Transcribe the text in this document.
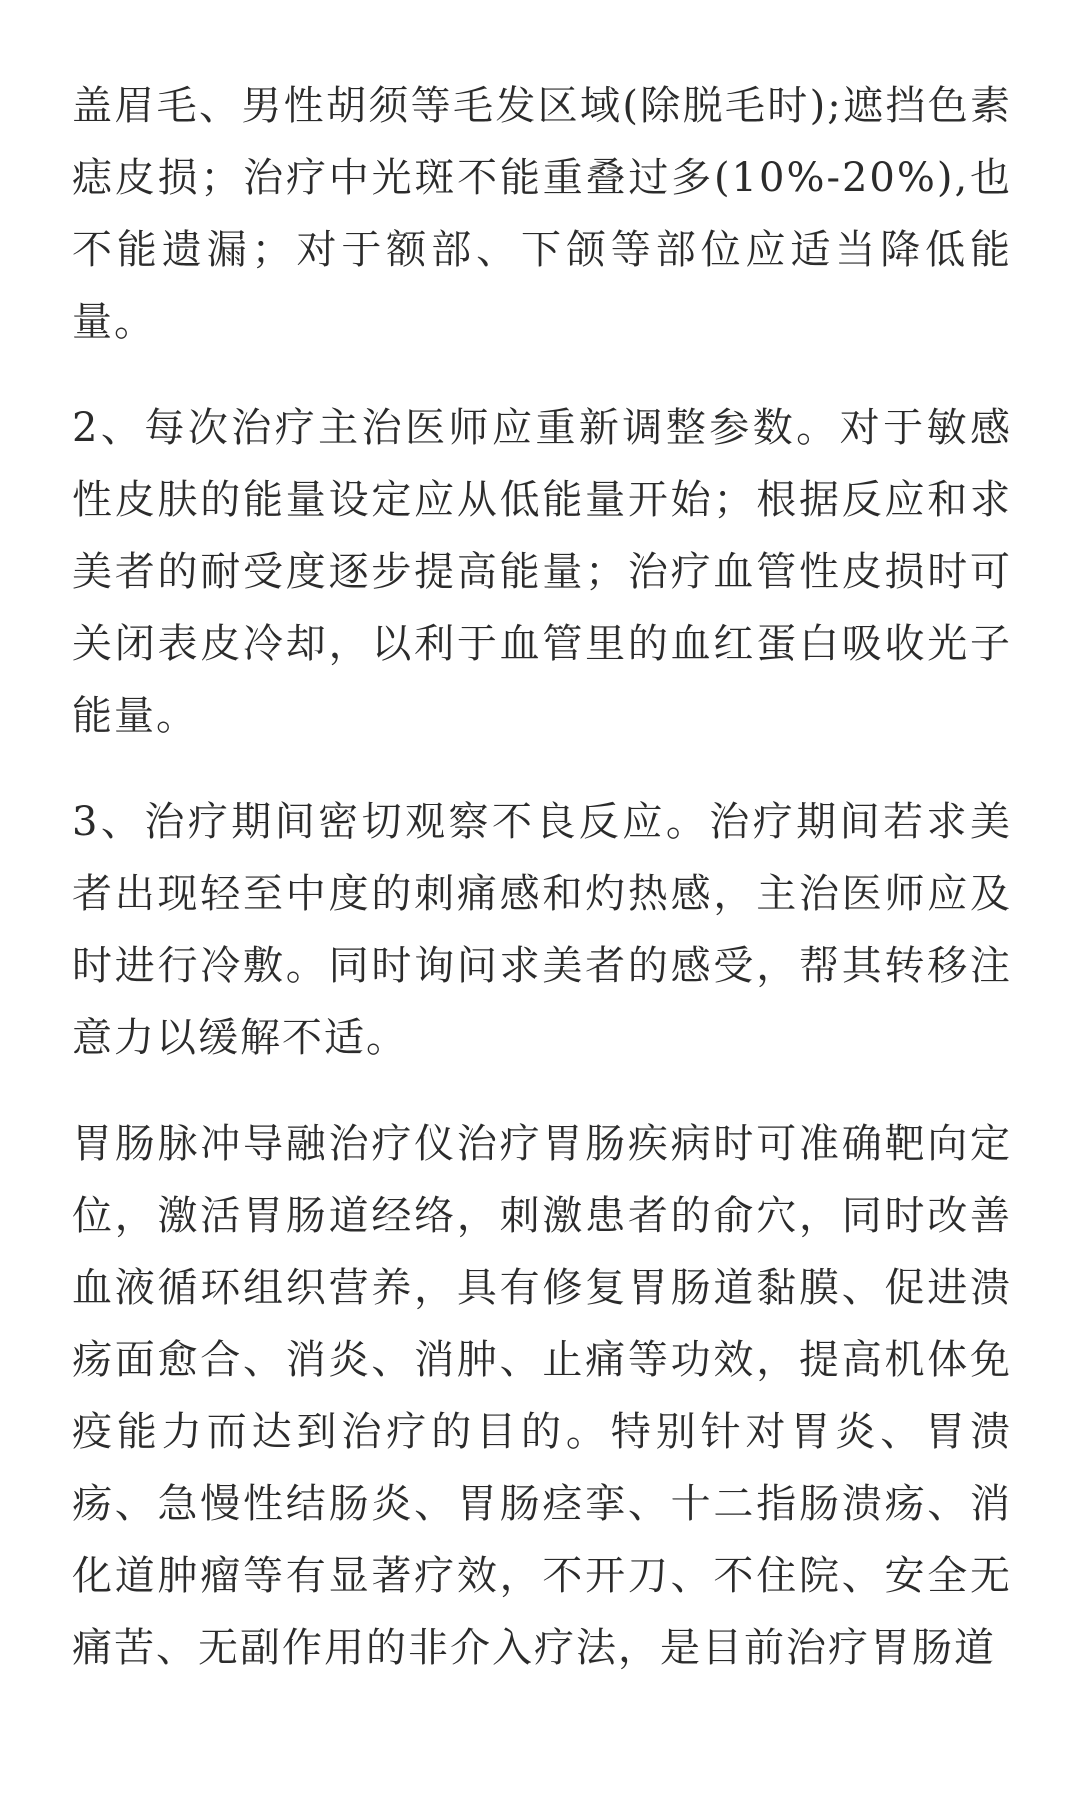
盖眉毛、男性胡须等毛发区域(除脱毛时);遮挡色素痣皮损；治疗中光斑不能重叠过多(10%-20%),也不能遗漏；对于额部、下颌等部位应适当降低能量。

2、每次治疗主治医师应重新调整参数。对于敏感性皮肤的能量设定应从低能量开始；根据反应和求美者的耐受度逐步提高能量；治疗血管性皮损时可关闭表皮冷却，以利于血管里的血红蛋白吸收光子能量。

3、治疗期间密切观察不良反应。治疗期间若求美者出现轻至中度的刺痛感和灼热感，主治医师应及时进行冷敷。同时询问求美者的感受，帮其转移注意力以缓解不适。

胃肠脉冲导融治疗仪治疗胃肠疾病时可准确靶向定位，激活胃肠道经络，刺激患者的俞穴，同时改善血液循环组织营养，具有修复胃肠道黏膜、促进溃疡面愈合、消炎、消肿、止痛等功效，提高机体免疫能力而达到治疗的目的。特别针对胃炎、胃溃疡、急慢性结肠炎、胃肠痉挛、十二指肠溃疡、消化道肿瘤等有显著疗效，不开刀、不住院、安全无痛苦、无副作用的非介入疗法，是目前治疗胃肠道
